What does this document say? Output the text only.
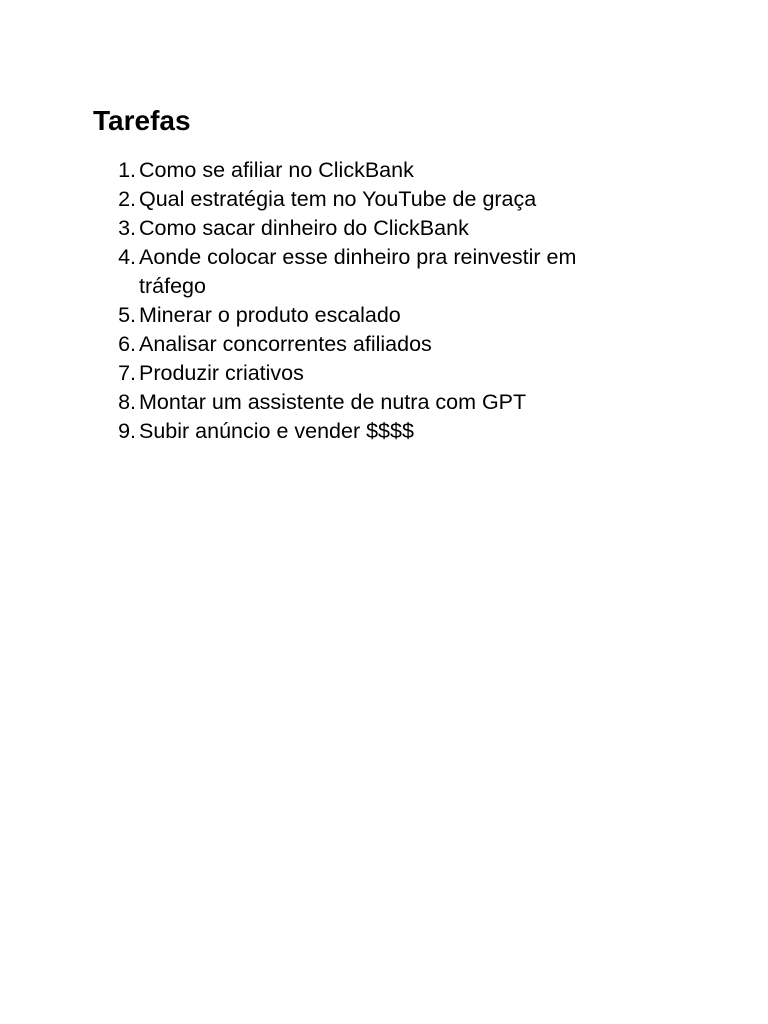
Tarefas
1. Como se afiliar no ClickBank
2. Qual estratégia tem no YouTube de graça
3. Como sacar dinheiro do ClickBank
4. Aonde colocar esse dinheiro pra reinvestir em tráfego
5. Minerar o produto escalado
6. Analisar concorrentes afiliados
7. Produzir criativos
8. Montar um assistente de nutra com GPT
9. Subir anúncio e vender $$$$
